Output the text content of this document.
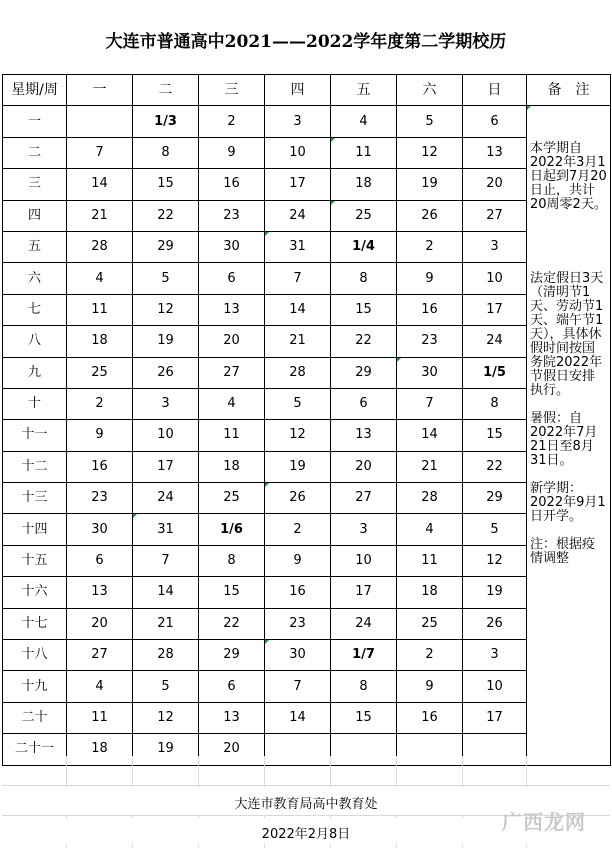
大连市普通高中2021——2022学年度第二学期校历
星期/周	一	二	三	四	五	六	日	备　注
一		1/3	2	3	4	5	6	本学期自2022年3月1日起到7月20日止，共计20周零2天。
法定假日3天（清明节1天、劳动节1天、端午节1天），具体休假时间按国务院2022年节假日安排执行。
暑假：自2022年7月21日至8月31日。
新学期：2022年9月1日开学。
注：根据疫情调整

二	7	8	9	10	11	12	13	
三	14	15	16	17	18	19	20	
四	21	22	23	24	25	26	27	
五	28	29	30	31	1/4	2	3	
六	4	5	6	7	8	9	10	
七	11	12	13	14	15	16	17	
八	18	19	20	21	22	23	24	
九	25	26	27	28	29	30	1/5	
十	2	3	4	5	6	7	8	
十一	9	10	11	12	13	14	15	
十二	16	17	18	19	20	21	22	
十三	23	24	25	26	27	28	29	
十四	30	31	1/6	2	3	4	5	
十五	6	7	8	9	10	11	12	
十六	13	14	15	16	17	18	19	
十七	20	21	22	23	24	25	26	
十八	27	28	29	30	1/7	2	3	
十九	4	5	6	7	8	9	10	
二十	11	12	13	14	15	16	17	
二十一	18	19	20					
大连市教育局高中教育处
2022年2月8日
广西龙网
